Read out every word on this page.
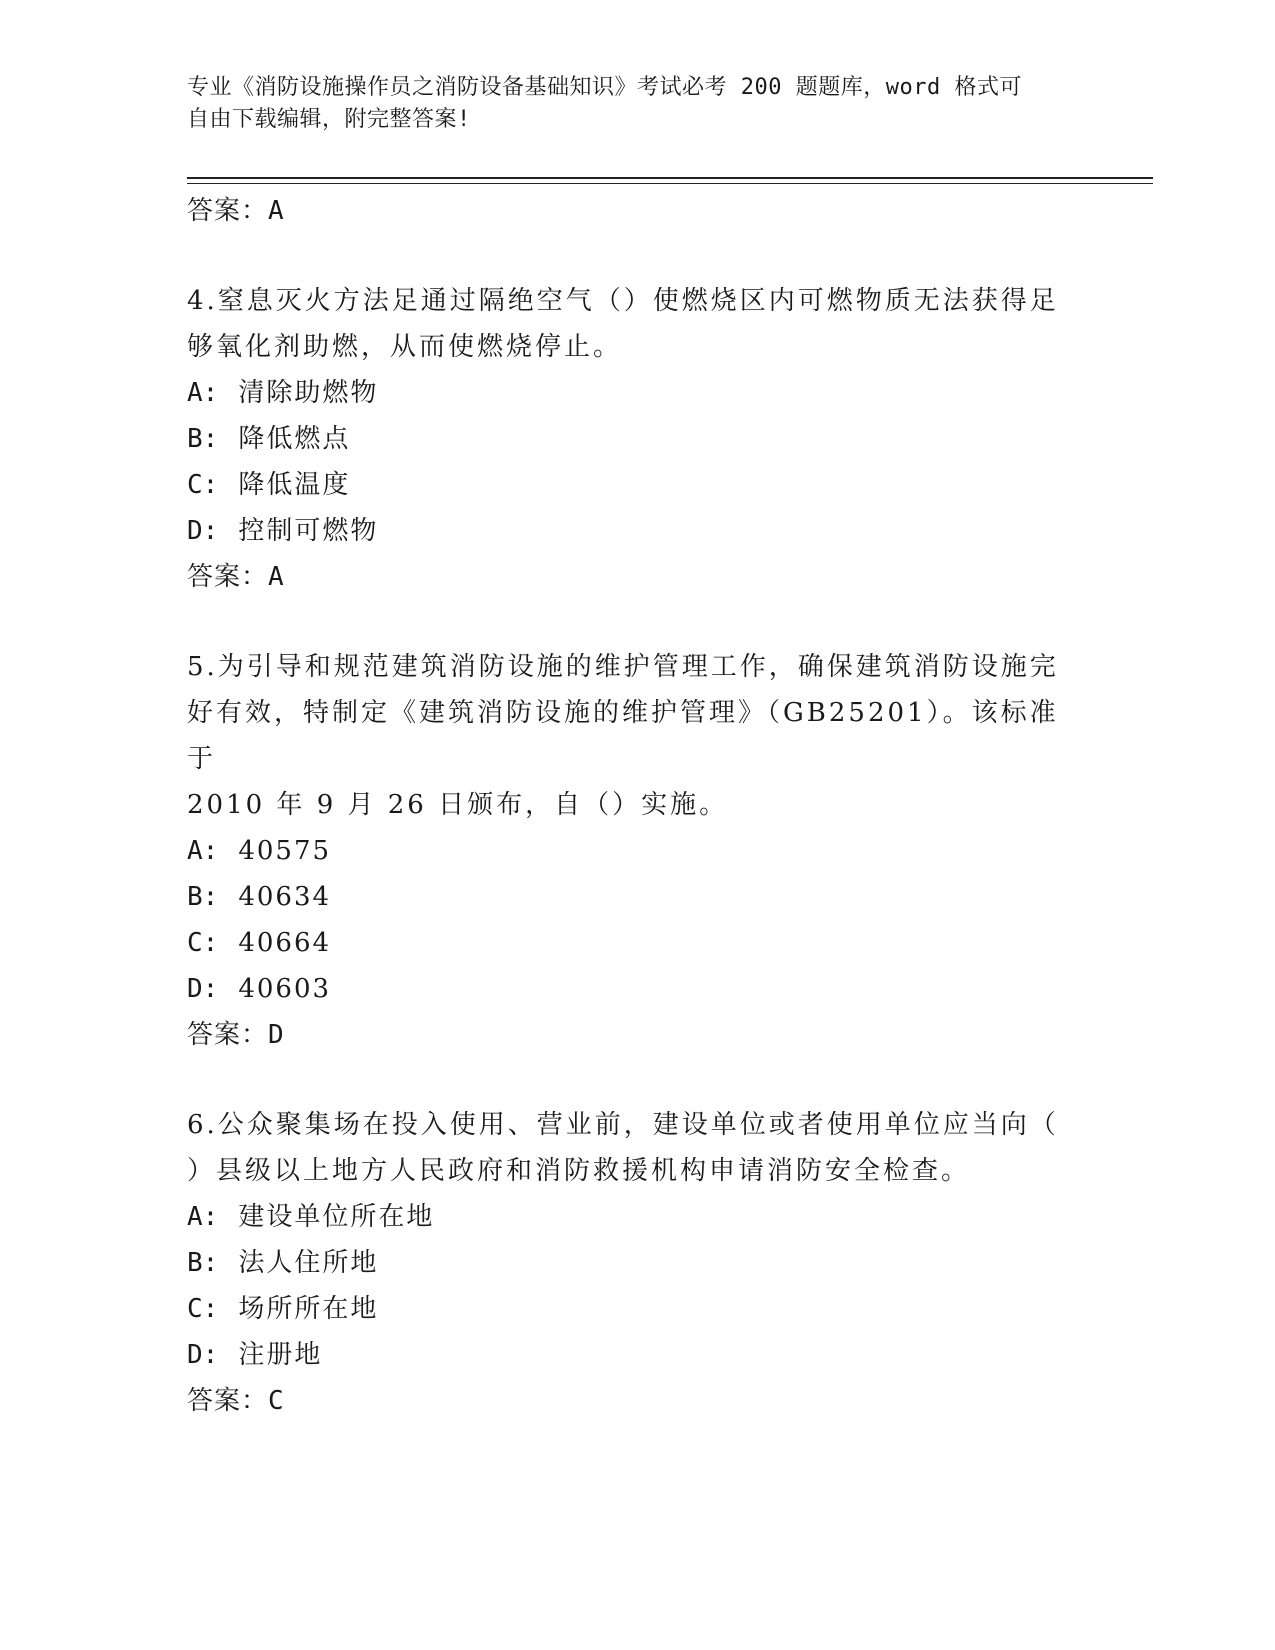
专业《消防设施操作员之消防设备基础知识》考试必考 200 题题库，word 格式可
自由下载编辑，附完整答案!
答案：A
4.窒息灭火方法足通过隔绝空气（）使燃烧区内可燃物质无法获得足
够氧化剂助燃，从而使燃烧停止。
A: 清除助燃物
B: 降低燃点
C: 降低温度
D: 控制可燃物
答案：A
5.为引导和规范建筑消防设施的维护管理工作，确保建筑消防设施完
好有效，特制定《建筑消防设施的维护管理》（GB25201）。该标准于
2010 年 9 月 26 日颁布，自（）实施。
A: 40575
B: 40634
C: 40664
D: 40603
答案：D
6.公众聚集场在投入使用、营业前，建设单位或者使用单位应当向（
）县级以上地方人民政府和消防救援机构申请消防安全检查。
A: 建设单位所在地
B: 法人住所地
C: 场所所在地
D: 注册地
答案：C
